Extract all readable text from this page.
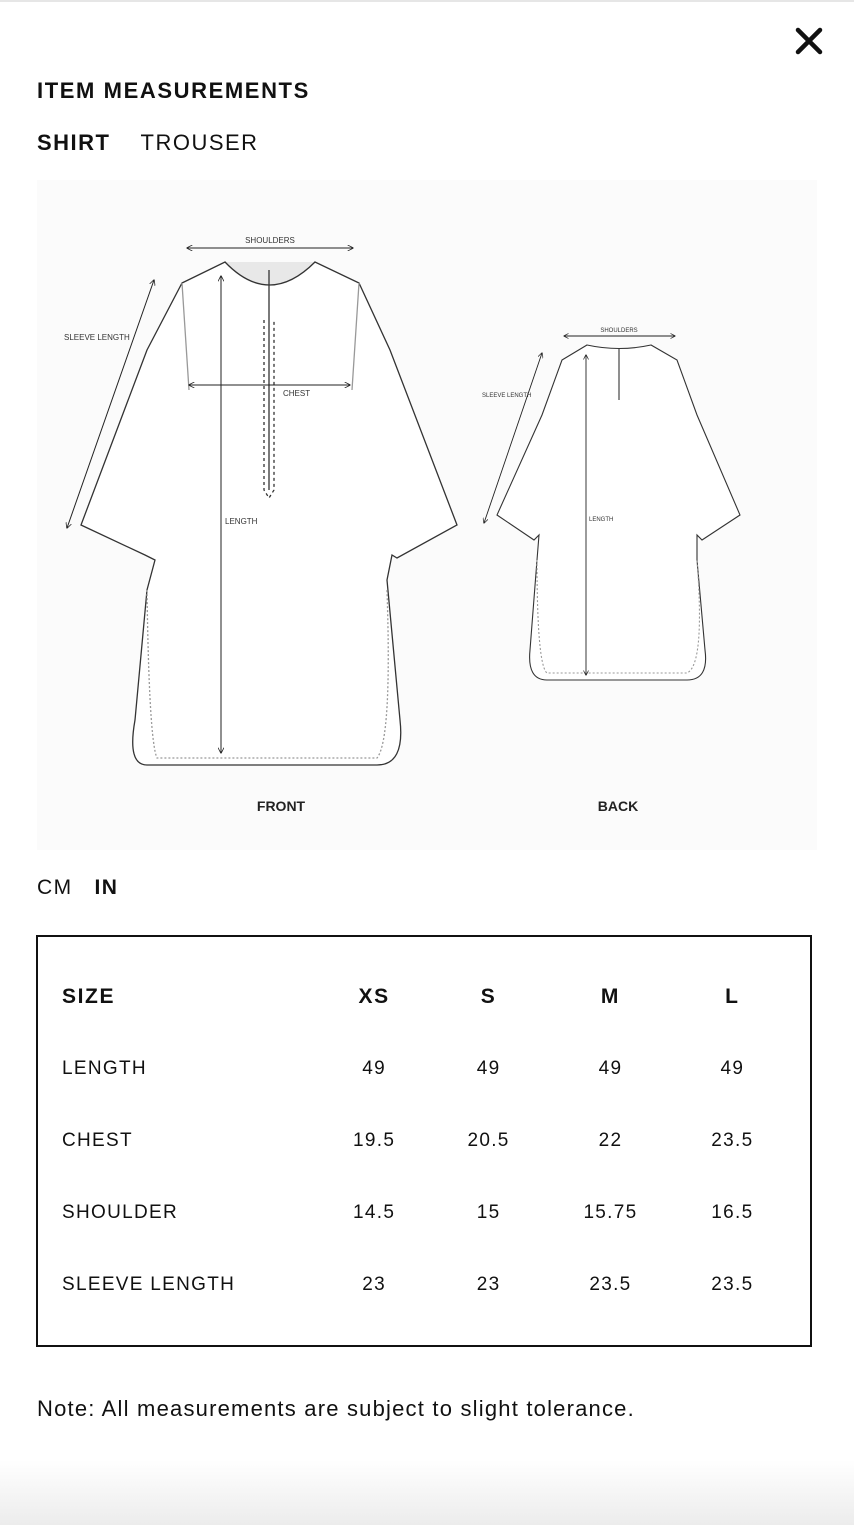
ITEM MEASUREMENTS
SHIRT TROUSER
SHOULDERS
SLEEVE LENGTH
CHEST
LENGTH
FRONT
SHOULDERS
SLEEVE LENGTH
LENGTH
BACK
CM IN
SIZE	XS	S	M	L
LENGTH	49	49	49	49
CHEST	19.5	20.5	22	23.5
SHOULDER	14.5	15	15.75	16.5
SLEEVE LENGTH	23	23	23.5	23.5
Note: All measurements are subject to slight tolerance.
